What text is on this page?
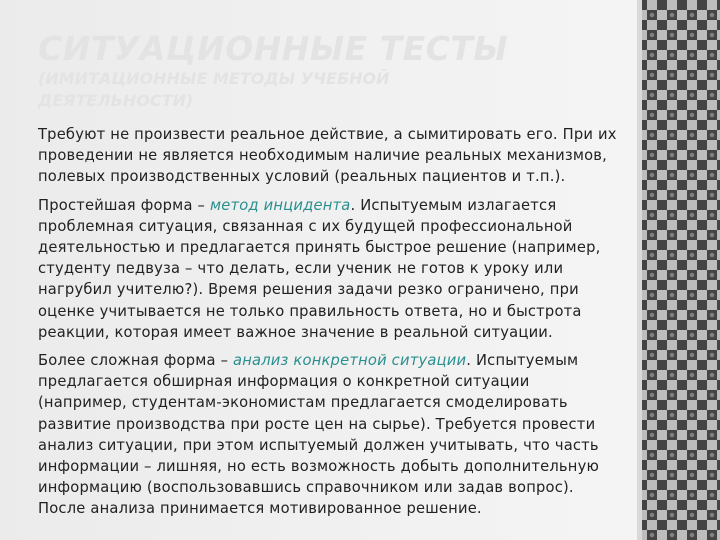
СИТУАЦИОННЫЕ ТЕСТЫ
(ИМИТАЦИОННЫЕ МЕТОДЫ УЧЕБНОЙ
ДЕЯТЕЛЬНОСТИ)

Требуют не произвести реальное действие, а сымитировать его. При их проведении не является необходимым наличие реальных механизмов, полевых производственных условий (реальных пациентов и т.п.).

Простейшая форма – метод инцидента. Испытуемым излагается проблемная ситуация, связанная с их будущей профессиональной деятельностью и предлагается принять быстрое решение (например, студенту педвуза – что делать, если ученик не готов к уроку или нагрубил учителю?). Время решения задачи резко ограничено, при оценке учитывается не только правильность ответа, но и быстрота реакции, которая имеет важное значение в реальной ситуации.

Более сложная форма – анализ конкретной ситуации. Испытуемым предлагается обширная информация о конкретной ситуации (например, студентам-экономистам предлагается смоделировать развитие производства при росте цен на сырье). Требуется провести анализ ситуации, при этом испытуемый должен учитывать, что часть информации – лишняя, но есть возможность добыть дополнительную информацию (воспользовавшись справочником или задав вопрос). После анализа принимается мотивированное решение.
